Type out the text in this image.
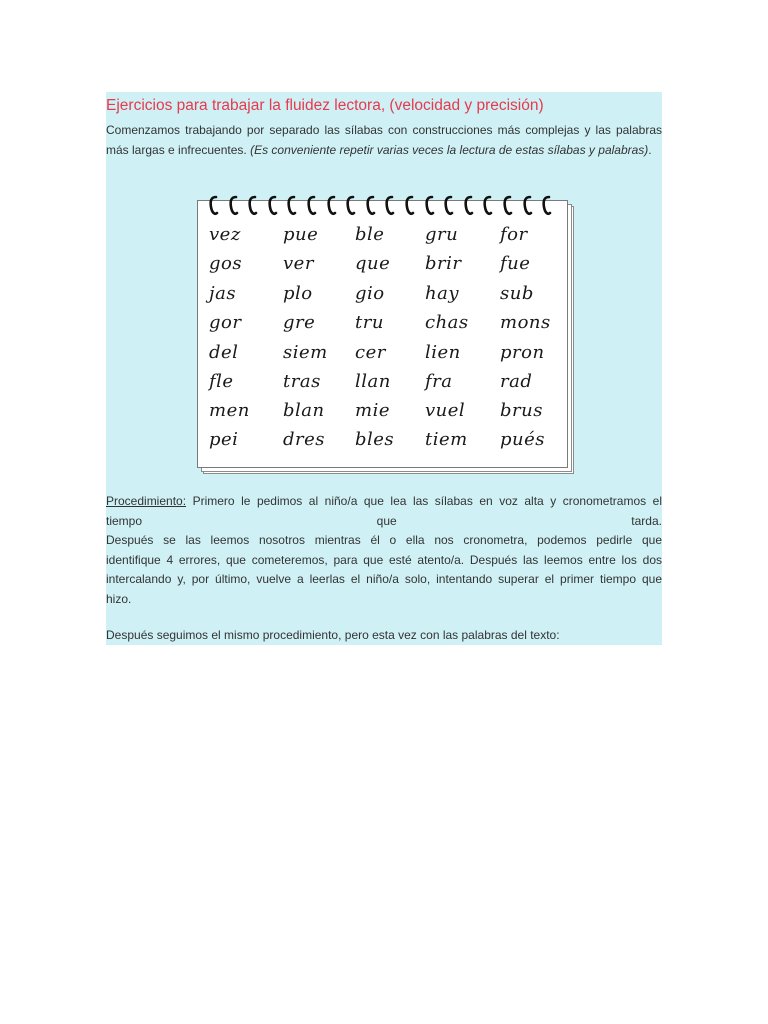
Ejercicios para trabajar la fluidez lectora, (velocidad y precisión)
Comenzamos trabajando por separado las sílabas con construcciones más complejas y las palabras más largas e infrecuentes. (Es conveniente repetir varias veces la lectura de estas sílabas y palabras).
vez pue ble gru for
gos ver que brir fue
jas	plo gio hay sub
gor gre tru chas mons
del siem cer lien pron
fle	tras llan fra	rad
men blan mie vuel brus
pei dres bles tiem pués
Procedimiento: Primero le pedimos al niño/a que lea las sílabas en voz alta y cronometramos el
tiempo que tarda.
Después se las leemos nosotros mientras él o ella nos cronometra, podemos pedirle que
identifique 4 errores, que cometeremos, para que esté atento/a. Después las leemos entre los dos
intercalando y, por último, vuelve a leerlas el niño/a solo, intentando superar el primer tiempo que
hizo.
Después seguimos el mismo procedimiento, pero esta vez con las palabras del texto:
